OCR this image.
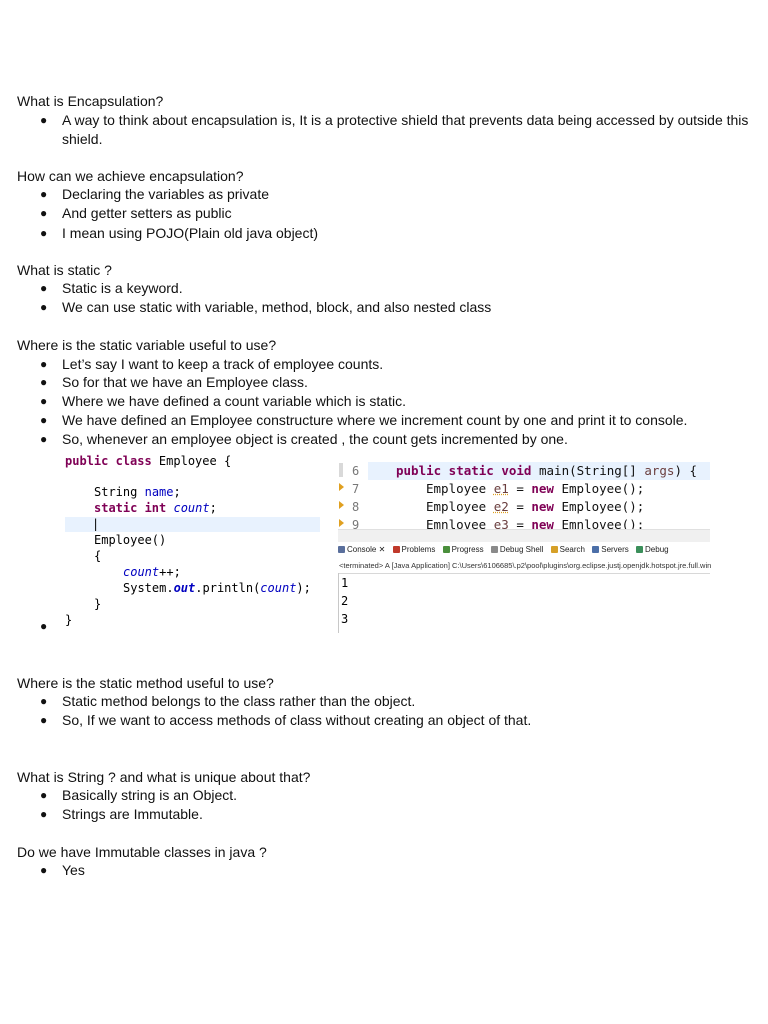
What is Encapsulation?
● A way to think about encapsulation is, It is a protective shield that prevents data being accessed by outside this shield.
How can we achieve encapsulation?
● Declaring the variables as private
● And getter setters as public
● I mean using POJO(Plain old java object)
What is static ?
● Static is a keyword.
● We can use static with variable, method, block, and also nested class
Where is the static variable useful to use?
● Let’s say I want to keep a track of employee counts.
● So for that we have an Employee class.
● Where we have defined a count variable which is static.
● We have defined an Employee constructure where we increment count by one and print it to console.
● So, whenever an employee object is created , the count gets incremented by one.
public class Employee {
String name;
static int count;
|
Employee()
{
count++;
System.out.println(count);
}
}
●
6
7
8
9
public static void main(String[] args) {
Employee e1 = new Employee();
Employee e2 = new Employee();
Emnlovee e3 = new Emnlovee():
Console ✕ Problems Progress Debug Shell Search Servers Debug
<terminated> A [Java Application] C:\Users\6106685\.p2\pool\plugins\org.eclipse.justj.openjdk.hotspot.jre.full.win
1
2
3
Where is the static method useful to use?
● Static method belongs to the class rather than the object.
● So, If we want to access methods of class without creating an object of that.
What is String ? and what is unique about that?
● Basically string is an Object.
● Strings are Immutable.
Do we have Immutable classes in java ?
● Yes
